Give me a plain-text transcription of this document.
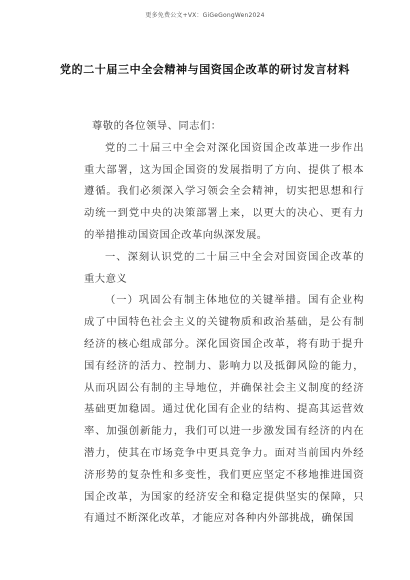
更多免费公文+VX：GiGeGongWen2024
党的二十届三中全会精神与国资国企改革的研讨发言材料

尊敬的各位领导、同志们：

党的二十届三中全会对深化国资国企改革进一步作出重大部署，这为国企国资的发展指明了方向、提供了根本遵循。我们必须深入学习领会全会精神，切实把思想和行动统一到党中央的决策部署上来，以更大的决心、更有力的举措推动国资国企改革向纵深发展。

一、深刻认识党的二十届三中全会对国资国企改革的重大意义

（一）巩固公有制主体地位的关键举措。国有企业构成了中国特色社会主义的关键物质和政治基础，是公有制经济的核心组成部分。深化国资国企改革，将有助于提升国有经济的活力、控制力、影响力以及抵御风险的能力，从而巩固公有制的主导地位，并确保社会主义制度的经济基础更加稳固。通过优化国有企业的结构、提高其运营效率、加强创新能力，我们可以进一步激发国有经济的内在潜力，使其在市场竞争中更具竞争力。面对当前国内外经济形势的复杂性和多变性，我们更应坚定不移地推进国资国企改革，为国家的经济安全和稳定提供坚实的保障，只有通过不断深化改革，才能应对各种内外部挑战，确保国
